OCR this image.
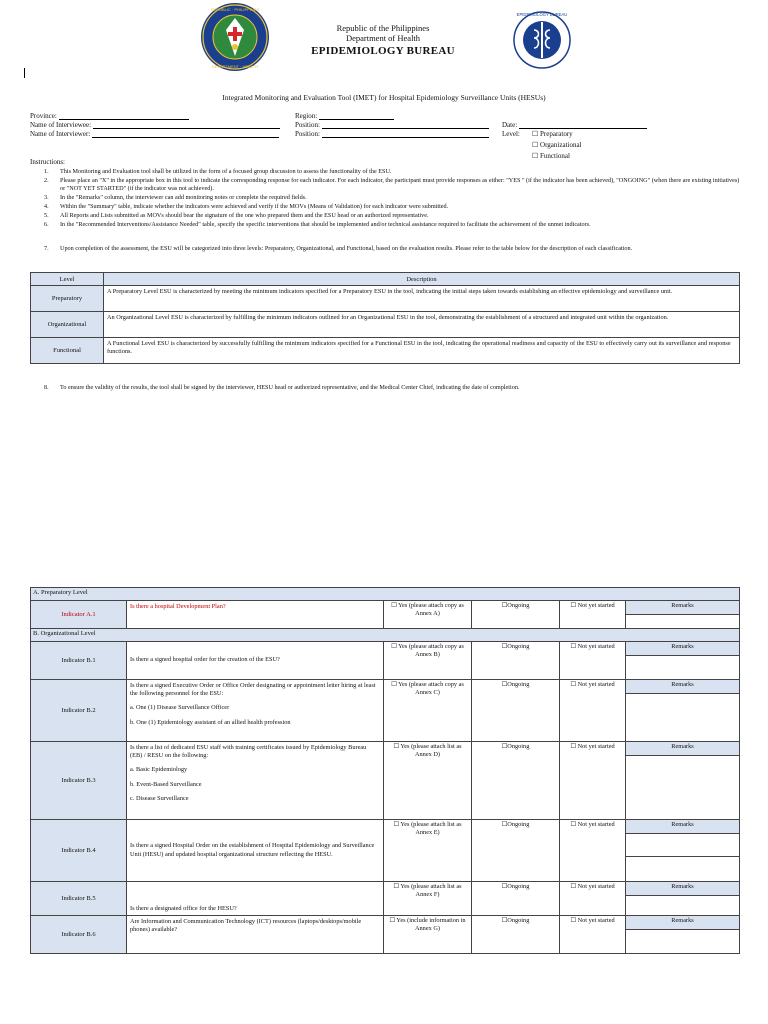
REPUBLIC · PHILIPPINES
DEPARTMENT · HEALTH
EPIDEMIOLOGY BUREAU
Republic of the Philippines
Department of Health
EPIDEMIOLOGY BUREAU
Integrated Monitoring and Evaluation Tool (IMET) for Hospital Epidemiology Surveillance Units (HESUs)
Province:
Name of Interviewee:
Name of Interviewer:
Region:
Position:
Position:
Date:
Level: ☐ Preparatory
☐ Organizational
☐ Functional
Instructions:
1. This Monitoring and Evaluation tool shall be utilized in the form of a focused group discussion to assess the functionality of the ESU.
2. Please place an "X" in the appropriate box in this tool to indicate the corresponding response for each indicator. For each indicator, the participant must provide responses as either: "YES " (if the indicator has been achieved), "ONGOING" (when there are existing initiatives) or "NOT YET STARTED" (if the indicator was not achieved).
3. In the "Remarks" column, the interviewer can add monitoring notes or complete the required fields.
4. Within the "Summary" table, indicate whether the indicators were achieved and verify if the MOVs (Means of Validation) for each indicator were submitted.
5. All Reports and Lists submitted as MOVs should bear the signature of the one who prepared them and the ESU head or an authorized representative.
6. In the "Recommended Interventions/Assistance Needed" table, specify the specific interventions that should be implemented and/or technical assistance required to facilitate the achievement of the unmet indicators.
7. Upon completion of the assessment, the ESU will be categorized into three levels: Preparatory, Organizational, and Functional, based on the evaluation results. Please refer to the table below for the description of each classification.
Level	Description
Preparatory	A Preparatory Level ESU is characterized by meeting the minimum indicators specified for a Preparatory ESU in the tool, indicating the initial steps taken towards establishing an effective epidemiology and surveillance unit.
Organizational	An Organizational Level ESU is characterized by fulfilling the minimum indicators outlined for an Organizational ESU in the tool, demonstrating the establishment of a structured and integrated unit within the organization.
Functional	A Functional Level ESU is characterized by successfully fulfilling the minimum indicators specified for a Functional ESU in the tool, indicating the operational readiness and capacity of the ESU to effectively carry out its surveillance and response functions.
8. To ensure the validity of the results, the tool shall be signed by the interviewer, HESU head or authorized representative, and the Medical Center Chief, indicating the date of completion.
A. Preparatory Level					
Indicator A.1	Is there a hospital Development Plan?	☐ Yes (please attach copy as Annex A)	☐Ongoing	☐ Not yet started	Remarks

B. Organizational Level					
Indicator B.1	Is there a signed hospital order for the creation of the ESU?	☐ Yes (please attach copy as Annex B)	☐Ongoing	☐ Not yet started	Remarks

Indicator B.2	Is there a signed Executive Order or Office Order designating or appointment letter hiring at least the following personnel for the ESU:
a. One (1) Disease Surveillance Officer
b. One (1) Epidemiology assistant of an allied health profession	☐ Yes (please attach copy as Annex C)	☐Ongoing	☐ Not yet started	Remarks

Indicator B.3	Is there a list of dedicated ESU staff with training certificates issued by Epidemiology Bureau (EB) / RESU on the following:
a. Basic Epidemiology
b. Event-Based Surveillance
c. Disease Surveillance	☐ Yes (please attach list as Annex D)	☐Ongoing	☐ Not yet started	Remarks

Indicator B.4	Is there a signed Hospital Order on the establishment of Hospital Epidemiology and Surveillance Unit (HESU) and updated hospital organizational structure reflecting the HESU.	☐ Yes (please attach list as Annex E)	☐Ongoing	☐ Not yet started	Remarks

Indicator B.5	Is there a designated office for the HESU?	☐ Yes (please attach list as Annex F)	☐Ongoing	☐ Not yet started	Remarks

Indicator B.6	Are Information and Communication Technology (ICT) resources (laptops/desktops/mobile phones) available?	☐ Yes (include information in Annex G)	☐Ongoing	☐ Not yet started	Remarks
